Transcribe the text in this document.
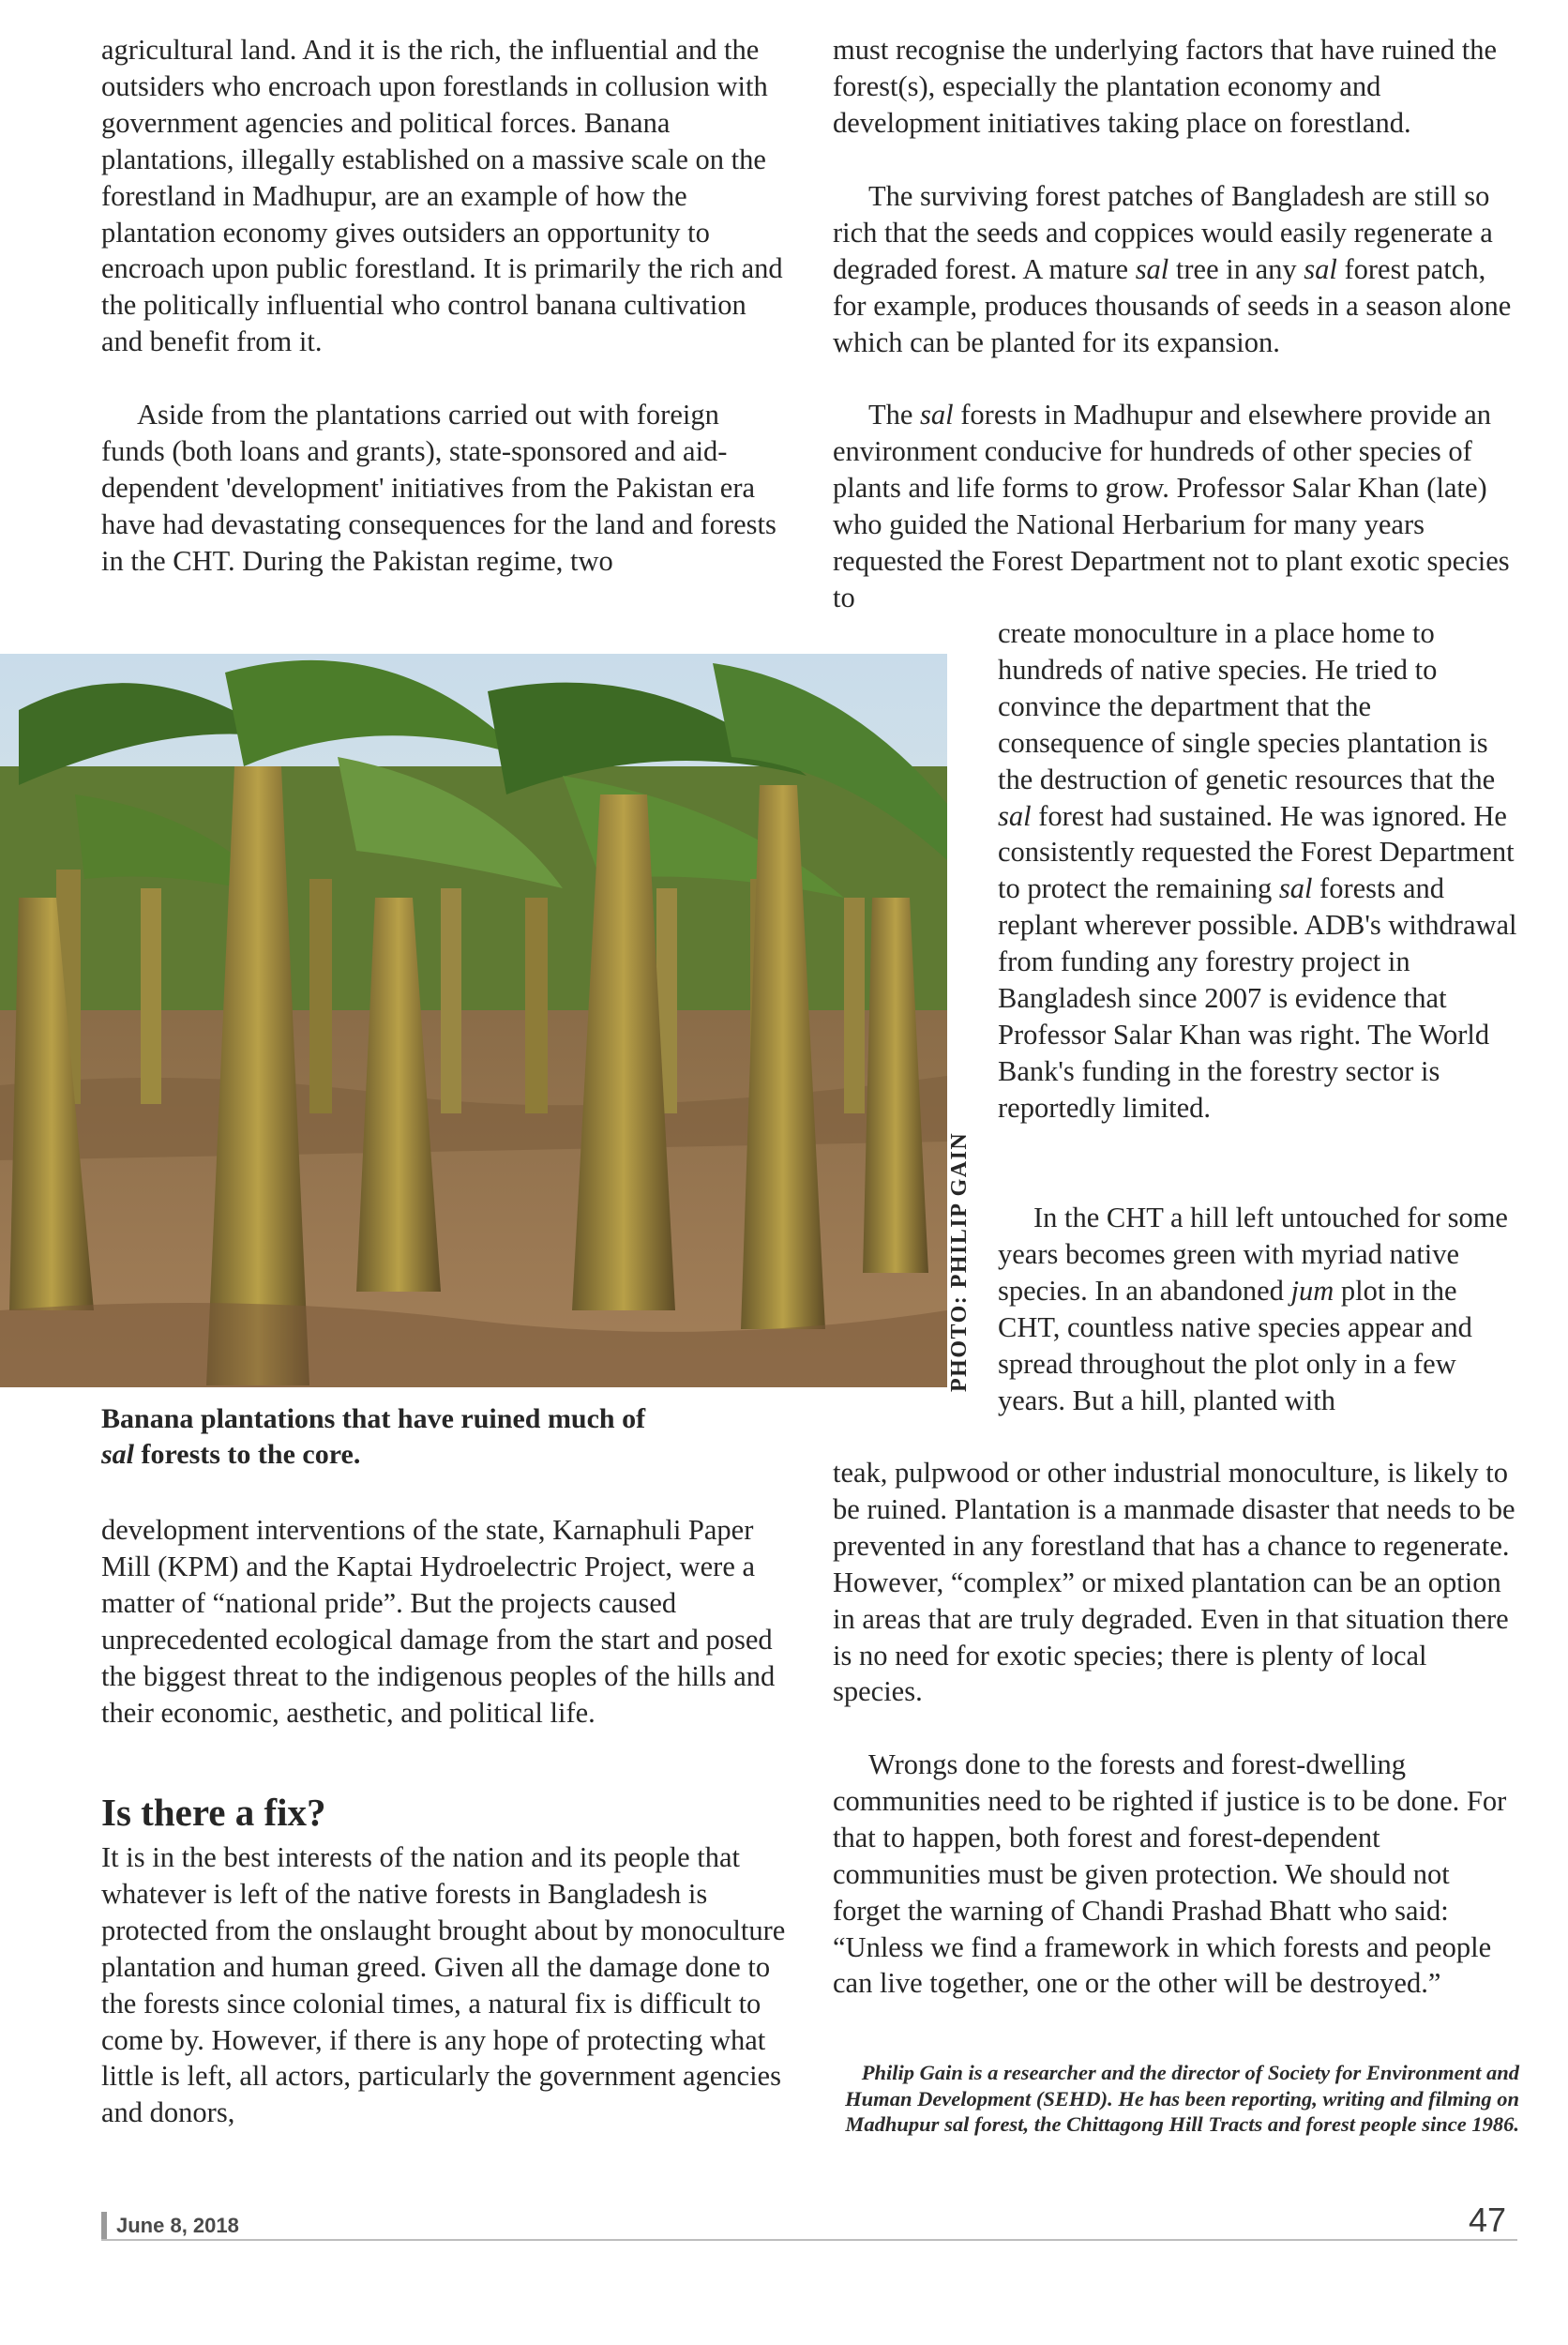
agricultural land. And it is the rich, the influential and the outsiders who encroach upon forestlands in collusion with government agencies and political forces. Banana plantations, illegally established on a massive scale on the forestland in Madhupur, are an example of how the plantation economy gives outsiders an opportunity to encroach upon public forestland. It is primarily the rich and the politically influential who control banana cultivation and benefit from it.

Aside from the plantations carried out with foreign funds (both loans and grants), state-sponsored and aid-dependent 'development' initiatives from the Pakistan era have had devastating consequences for the land and forests in the CHT. During the Pakistan regime, two

PHOTO: PHILIP GAIN

Banana plantations that have ruined much of sal forests to the core.

development interventions of the state, Karnaphuli Paper Mill (KPM) and the Kaptai Hydroelectric Project, were a matter of “national pride”. But the projects caused unprecedented ecological damage from the start and posed the biggest threat to the indigenous peoples of the hills and their economic, aesthetic, and political life.

Is there a fix?

It is in the best interests of the nation and its people that whatever is left of the native forests in Bangladesh is protected from the onslaught brought about by monoculture plantation and human greed. Given all the damage done to the forests since colonial times, a natural fix is difficult to come by. However, if there is any hope of protecting what little is left, all actors, particularly the government agencies and donors,

must recognise the underlying factors that have ruined the forest(s), especially the plantation economy and development initiatives taking place on forestland.

The surviving forest patches of Bangladesh are still so rich that the seeds and coppices would easily regenerate a degraded forest. A mature sal tree in any sal forest patch, for example, produces thousands of seeds in a season alone which can be planted for its expansion.

The sal forests in Madhupur and elsewhere provide an environment conducive for hundreds of other species of plants and life forms to grow. Professor Salar Khan (late) who guided the National Herbarium for many years requested the Forest Department not to plant exotic species to

create monoculture in a place home to hundreds of native species. He tried to convince the department that the consequence of single species plantation is the destruction of genetic resources that the sal forest had sustained. He was ignored. He consistently requested the Forest Department to protect the remaining sal forests and replant wherever possible. ADB's withdrawal from funding any forestry project in Bangladesh since 2007 is evidence that Professor Salar Khan was right. The World Bank's funding in the forestry sector is reportedly limited.

In the CHT a hill left untouched for some years becomes green with myriad native species. In an abandoned jum plot in the CHT, countless native species appear and spread throughout the plot only in a few years. But a hill, planted with

teak, pulpwood or other industrial monoculture, is likely to be ruined. Plantation is a manmade disaster that needs to be prevented in any forestland that has a chance to regenerate. However, “complex” or mixed plantation can be an option in areas that are truly degraded. Even in that situation there is no need for exotic species; there is plenty of local species.

Wrongs done to the forests and forest-dwelling communities need to be righted if justice is to be done. For that to happen, both forest and forest-dependent communities must be given protection. We should not forget the warning of Chandi Prashad Bhatt who said: “Unless we find a framework in which forests and people can live together, one or the other will be destroyed.”

Philip Gain is a researcher and the director of Society for Environment and Human Development (SEHD). He has been reporting, writing and filming on Madhupur sal forest, the Chittagong Hill Tracts and forest people since 1986.

June 8, 2018	47
